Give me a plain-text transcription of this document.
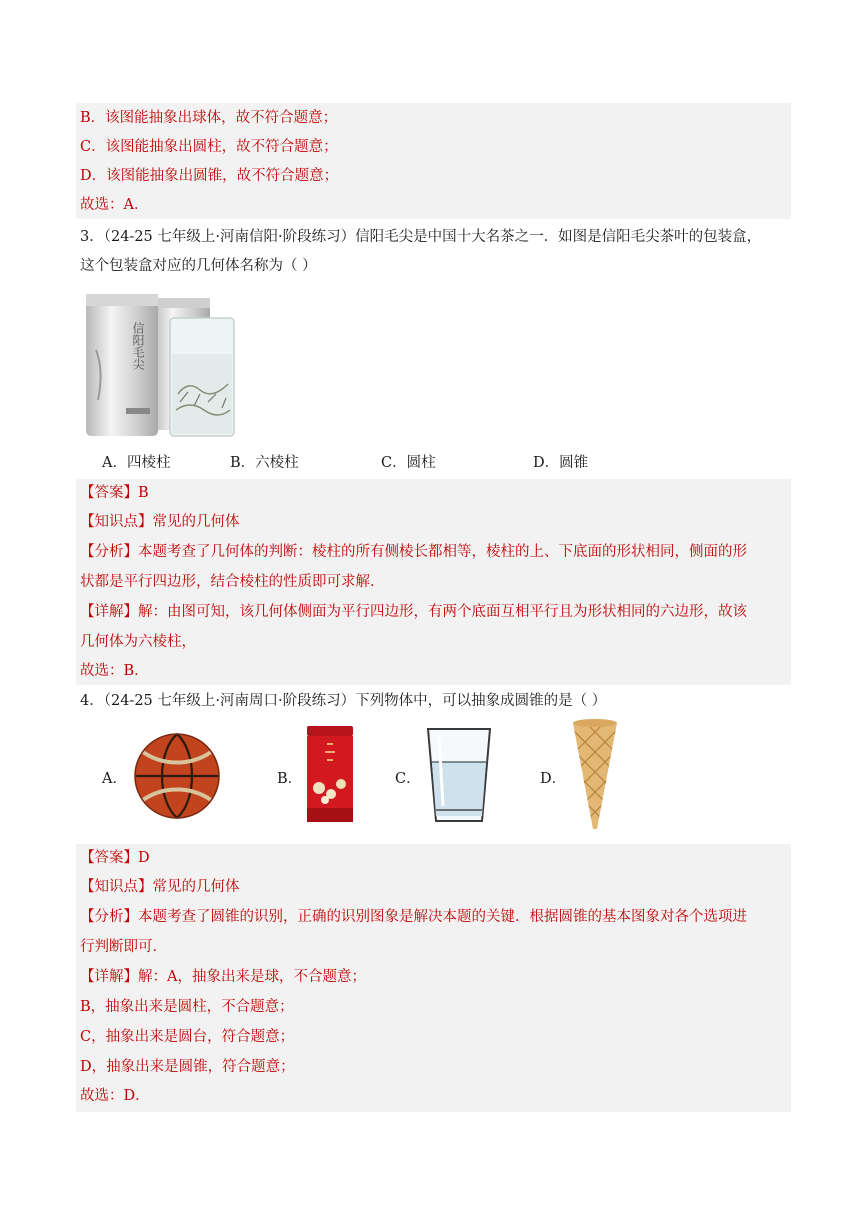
B．该图能抽象出球体，故不符合题意；
C．该图能抽象出圆柱，故不符合题意；
D．该图能抽象出圆锥，故不符合题意；
故选：A．
3．（24-25 七年级上·河南信阳·阶段练习）信阳毛尖是中国十大名茶之一．如图是信阳毛尖茶叶的包装盒，
这个包装盒对应的几何体名称为（ ）
信阳毛尖
A．四棱柱	B．六棱柱	C．圆柱	D．圆锥
【答案】B
【知识点】常见的几何体
【分析】本题考查了几何体的判断：棱柱的所有侧棱长都相等，棱柱的上、下底面的形状相同，侧面的形
状都是平行四边形，结合棱柱的性质即可求解．
【详解】解：由图可知，该几何体侧面为平行四边形，有两个底面互相平行且为形状相同的六边形，故该
几何体为六棱柱，
故选：B．
4．（24-25 七年级上·河南周口·阶段练习）下列物体中，可以抽象成圆锥的是（ ）
A．	B．	C．	D．
【答案】D
【知识点】常见的几何体
【分析】本题考查了圆锥的识别，正确的识别图象是解决本题的关键．根据圆锥的基本图象对各个选项进
行判断即可．
【详解】解：A，抽象出来是球，不合题意；
B，抽象出来是圆柱，不合题意；
C，抽象出来是圆台，符合题意；
D，抽象出来是圆锥，符合题意；
故选：D．
